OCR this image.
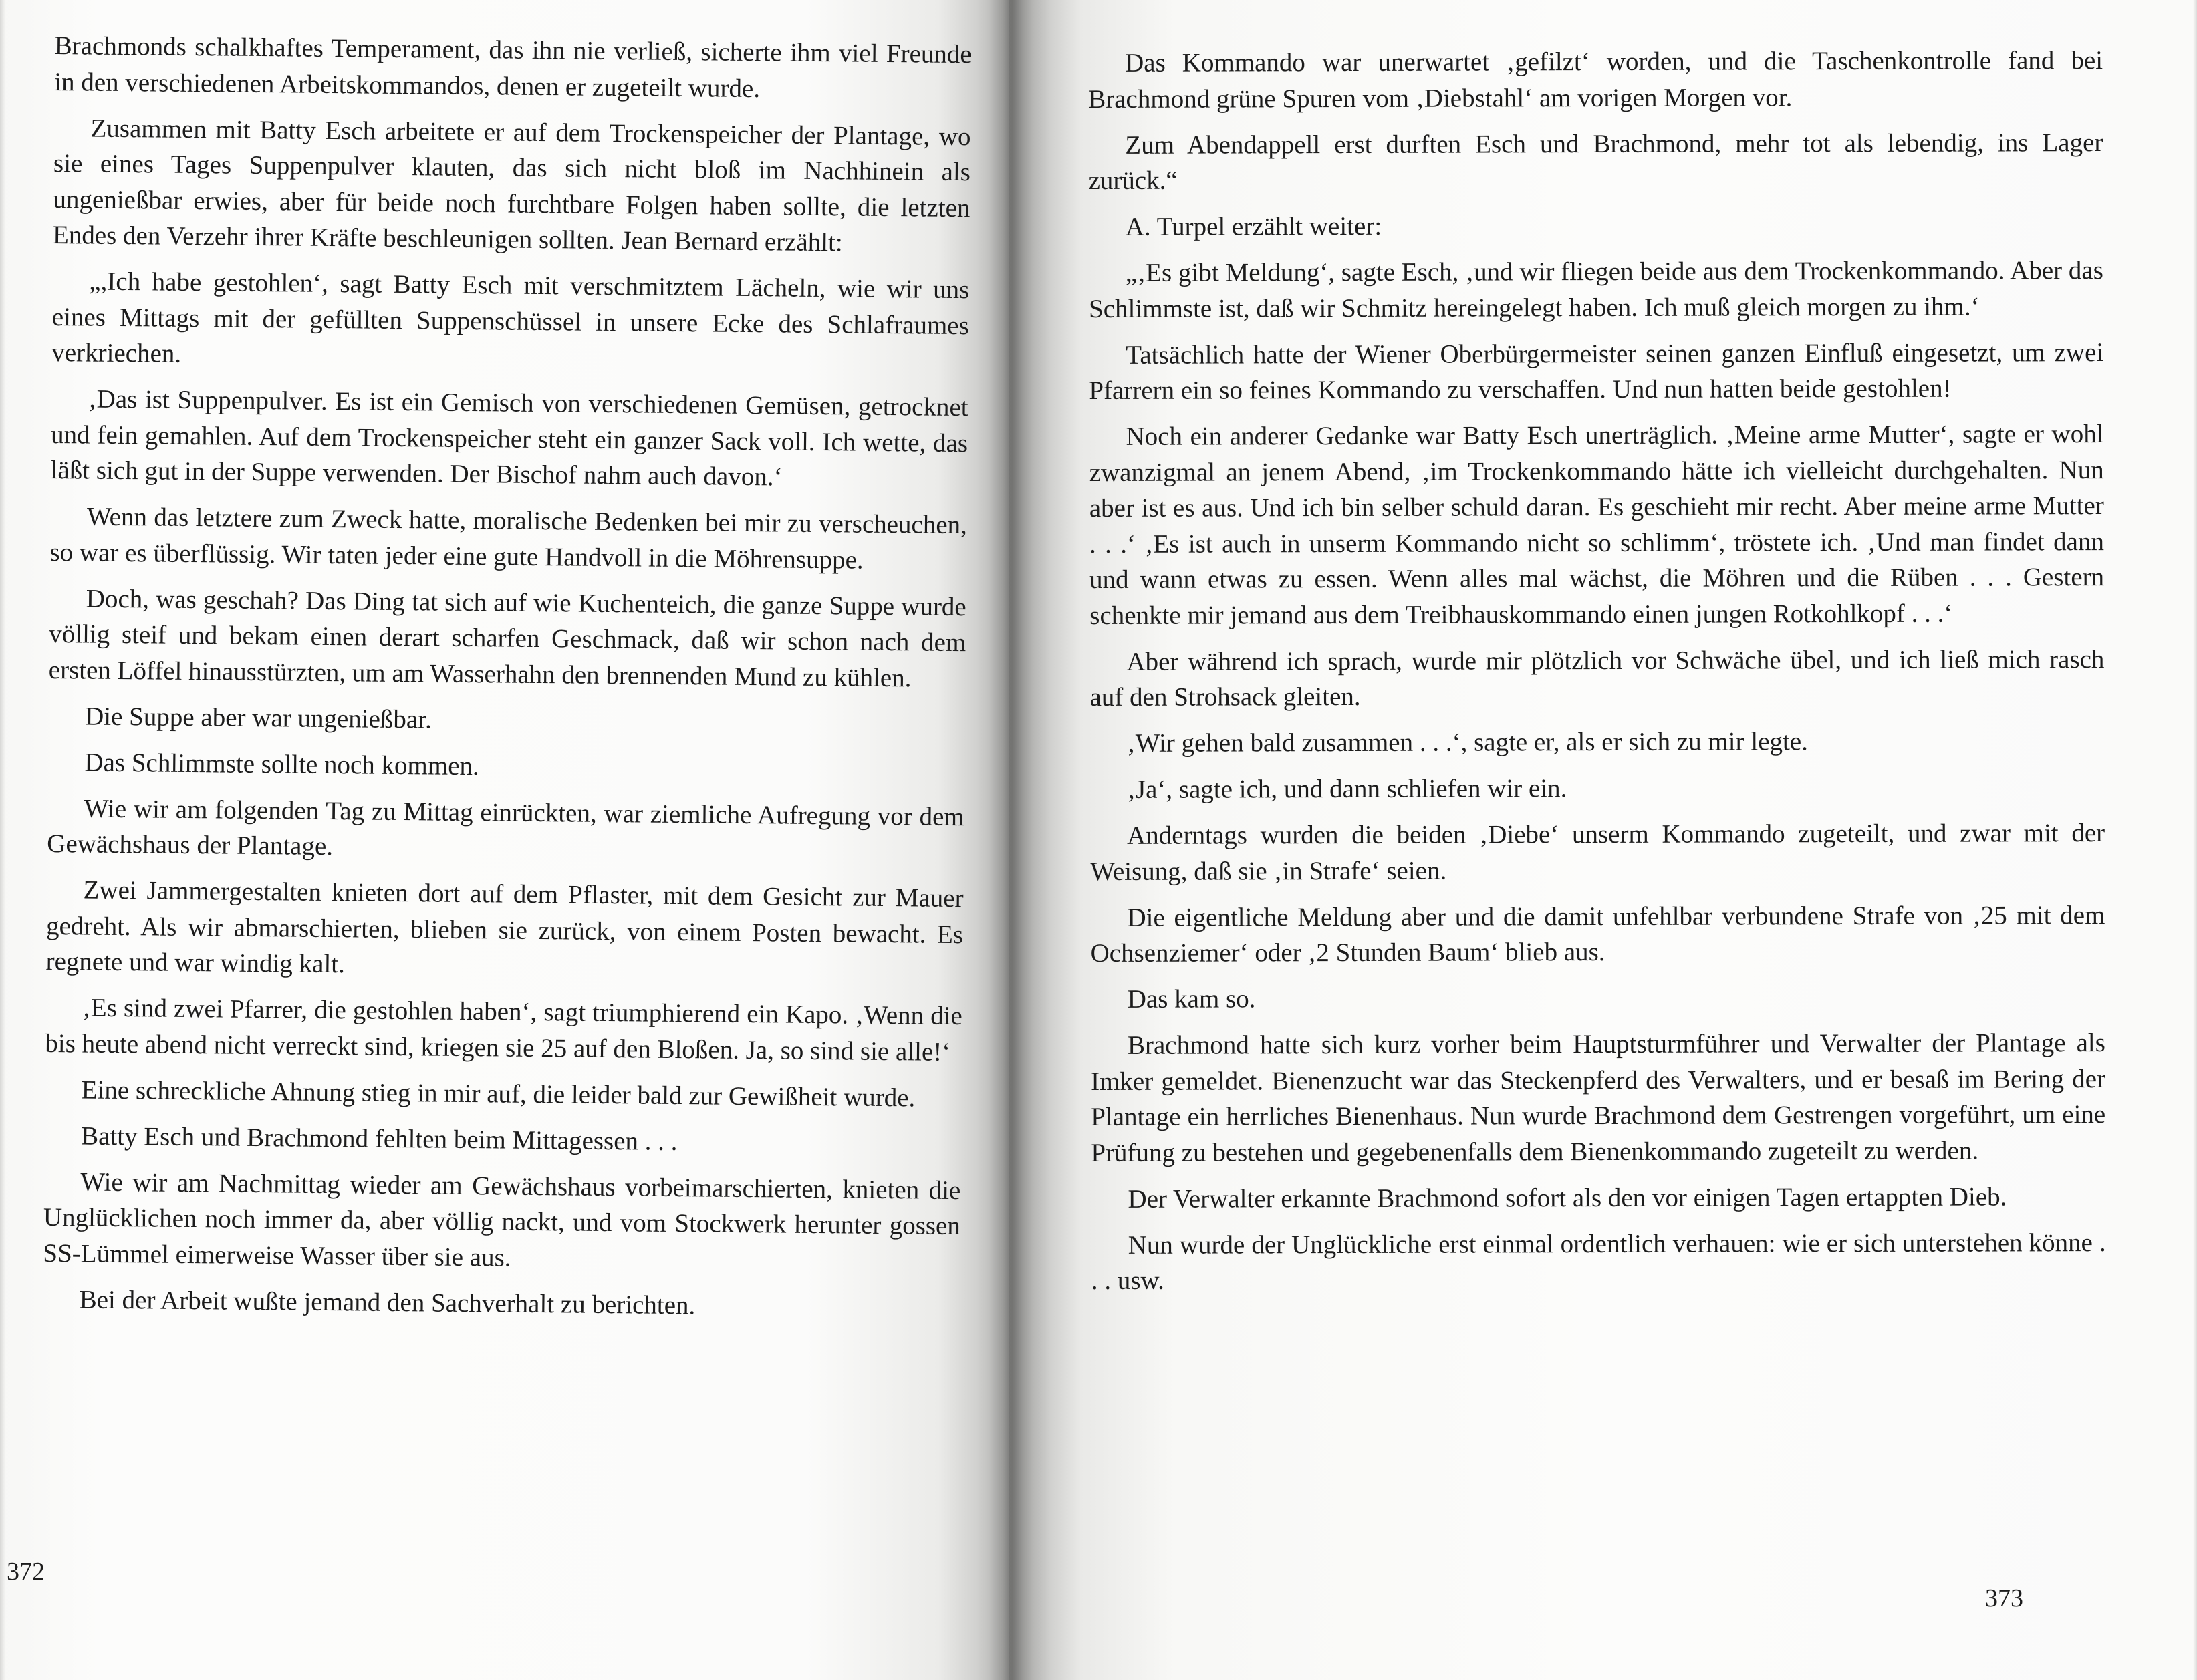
Brachmonds schalkhaftes Temperament, das ihn nie verließ, sicherte ihm viel Freunde in den verschiedenen Arbeitskommandos, denen er zugeteilt wurde.

Zusammen mit Batty Esch arbeitete er auf dem Trockenspeicher der Plantage, wo sie eines Tages Suppenpulver klauten, das sich nicht bloß im Nachhinein als ungenießbar erwies, aber für beide noch furchtbare Folgen haben sollte, die letzten Endes den Verzehr ihrer Kräfte beschleunigen sollten. Jean Bernard erzählt:

„,Ich habe gestohlen‘, sagt Batty Esch mit verschmitztem Lächeln, wie wir uns eines Mittags mit der gefüllten Suppenschüssel in unsere Ecke des Schlafraumes verkriechen.

‚Das ist Suppenpulver. Es ist ein Gemisch von verschiedenen Gemüsen, getrocknet und fein gemahlen. Auf dem Trockenspeicher steht ein ganzer Sack voll. Ich wette, das läßt sich gut in der Suppe verwenden. Der Bischof nahm auch davon.‘

Wenn das letztere zum Zweck hatte, moralische Bedenken bei mir zu verscheuchen, so war es überflüssig. Wir taten jeder eine gute Handvoll in die Möhrensuppe.

Doch, was geschah? Das Ding tat sich auf wie Kuchenteich, die ganze Suppe wurde völlig steif und bekam einen derart scharfen Geschmack, daß wir schon nach dem ersten Löffel hinausstürzten, um am Wasserhahn den brennenden Mund zu kühlen.

Die Suppe aber war ungenießbar.

Das Schlimmste sollte noch kommen.

Wie wir am folgenden Tag zu Mittag einrückten, war ziemliche Aufregung vor dem Gewächshaus der Plantage.

Zwei Jammergestalten knieten dort auf dem Pflaster, mit dem Gesicht zur Mauer gedreht. Als wir abmarschierten, blieben sie zurück, von einem Posten bewacht. Es regnete und war windig kalt.

‚Es sind zwei Pfarrer, die gestohlen haben‘, sagt triumphierend ein Kapo. ‚Wenn die bis heute abend nicht verreckt sind, kriegen sie 25 auf den Bloßen. Ja, so sind sie alle!‘

Eine schreckliche Ahnung stieg in mir auf, die leider bald zur Gewißheit wurde.

Batty Esch und Brachmond fehlten beim Mittagessen . . .

Wie wir am Nachmittag wieder am Gewächshaus vorbeimarschierten, knieten die Unglücklichen noch immer da, aber völlig nackt, und vom Stockwerk herunter gossen SS-Lümmel eimerweise Wasser über sie aus.

Bei der Arbeit wußte jemand den Sachverhalt zu berichten.

372

Das Kommando war unerwartet ‚gefilzt‘ worden, und die Taschenkontrolle fand bei Brachmond grüne Spuren vom ‚Diebstahl‘ am vorigen Morgen vor.

Zum Abendappell erst durften Esch und Brachmond, mehr tot als lebendig, ins Lager zurück.“

A. Turpel erzählt weiter:

„‚Es gibt Meldung‘, sagte Esch, ‚und wir fliegen beide aus dem Trockenkommando. Aber das Schlimmste ist, daß wir Schmitz hereingelegt haben. Ich muß gleich morgen zu ihm.‘

Tatsächlich hatte der Wiener Oberbürgermeister seinen ganzen Einfluß eingesetzt, um zwei Pfarrern ein so feines Kommando zu verschaffen. Und nun hatten beide gestohlen!

Noch ein anderer Gedanke war Batty Esch unerträglich. ‚Meine arme Mutter‘, sagte er wohl zwanzigmal an jenem Abend, ‚im Trockenkommando hätte ich vielleicht durchgehalten. Nun aber ist es aus. Und ich bin selber schuld daran. Es geschieht mir recht. Aber meine arme Mutter . . .‘ ‚Es ist auch in unserm Kommando nicht so schlimm‘, tröstete ich. ‚Und man findet dann und wann etwas zu essen. Wenn alles mal wächst, die Möhren und die Rüben . . . Gestern schenkte mir jemand aus dem Treibhauskommando einen jungen Rotkohlkopf . . .‘

Aber während ich sprach, wurde mir plötzlich vor Schwäche übel, und ich ließ mich rasch auf den Strohsack gleiten.

‚Wir gehen bald zusammen . . .‘, sagte er, als er sich zu mir legte.

‚Ja‘, sagte ich, und dann schliefen wir ein.

Anderntags wurden die beiden ‚Diebe‘ unserm Kommando zugeteilt, und zwar mit der Weisung, daß sie ‚in Strafe‘ seien.

Die eigentliche Meldung aber und die damit unfehlbar verbundene Strafe von ‚25 mit dem Ochsenziemer‘ oder ‚2 Stunden Baum‘ blieb aus.

Das kam so.

Brachmond hatte sich kurz vorher beim Hauptsturmführer und Verwalter der Plantage als Imker gemeldet. Bienenzucht war das Steckenpferd des Verwalters, und er besaß im Bering der Plantage ein herrliches Bienenhaus. Nun wurde Brachmond dem Gestrengen vorgeführt, um eine Prüfung zu bestehen und gegebenenfalls dem Bienenkommando zugeteilt zu werden.

Der Verwalter erkannte Brachmond sofort als den vor einigen Tagen ertappten Dieb.

Nun wurde der Unglückliche erst einmal ordentlich verhauen: wie er sich unterstehen könne . . . usw.

373
